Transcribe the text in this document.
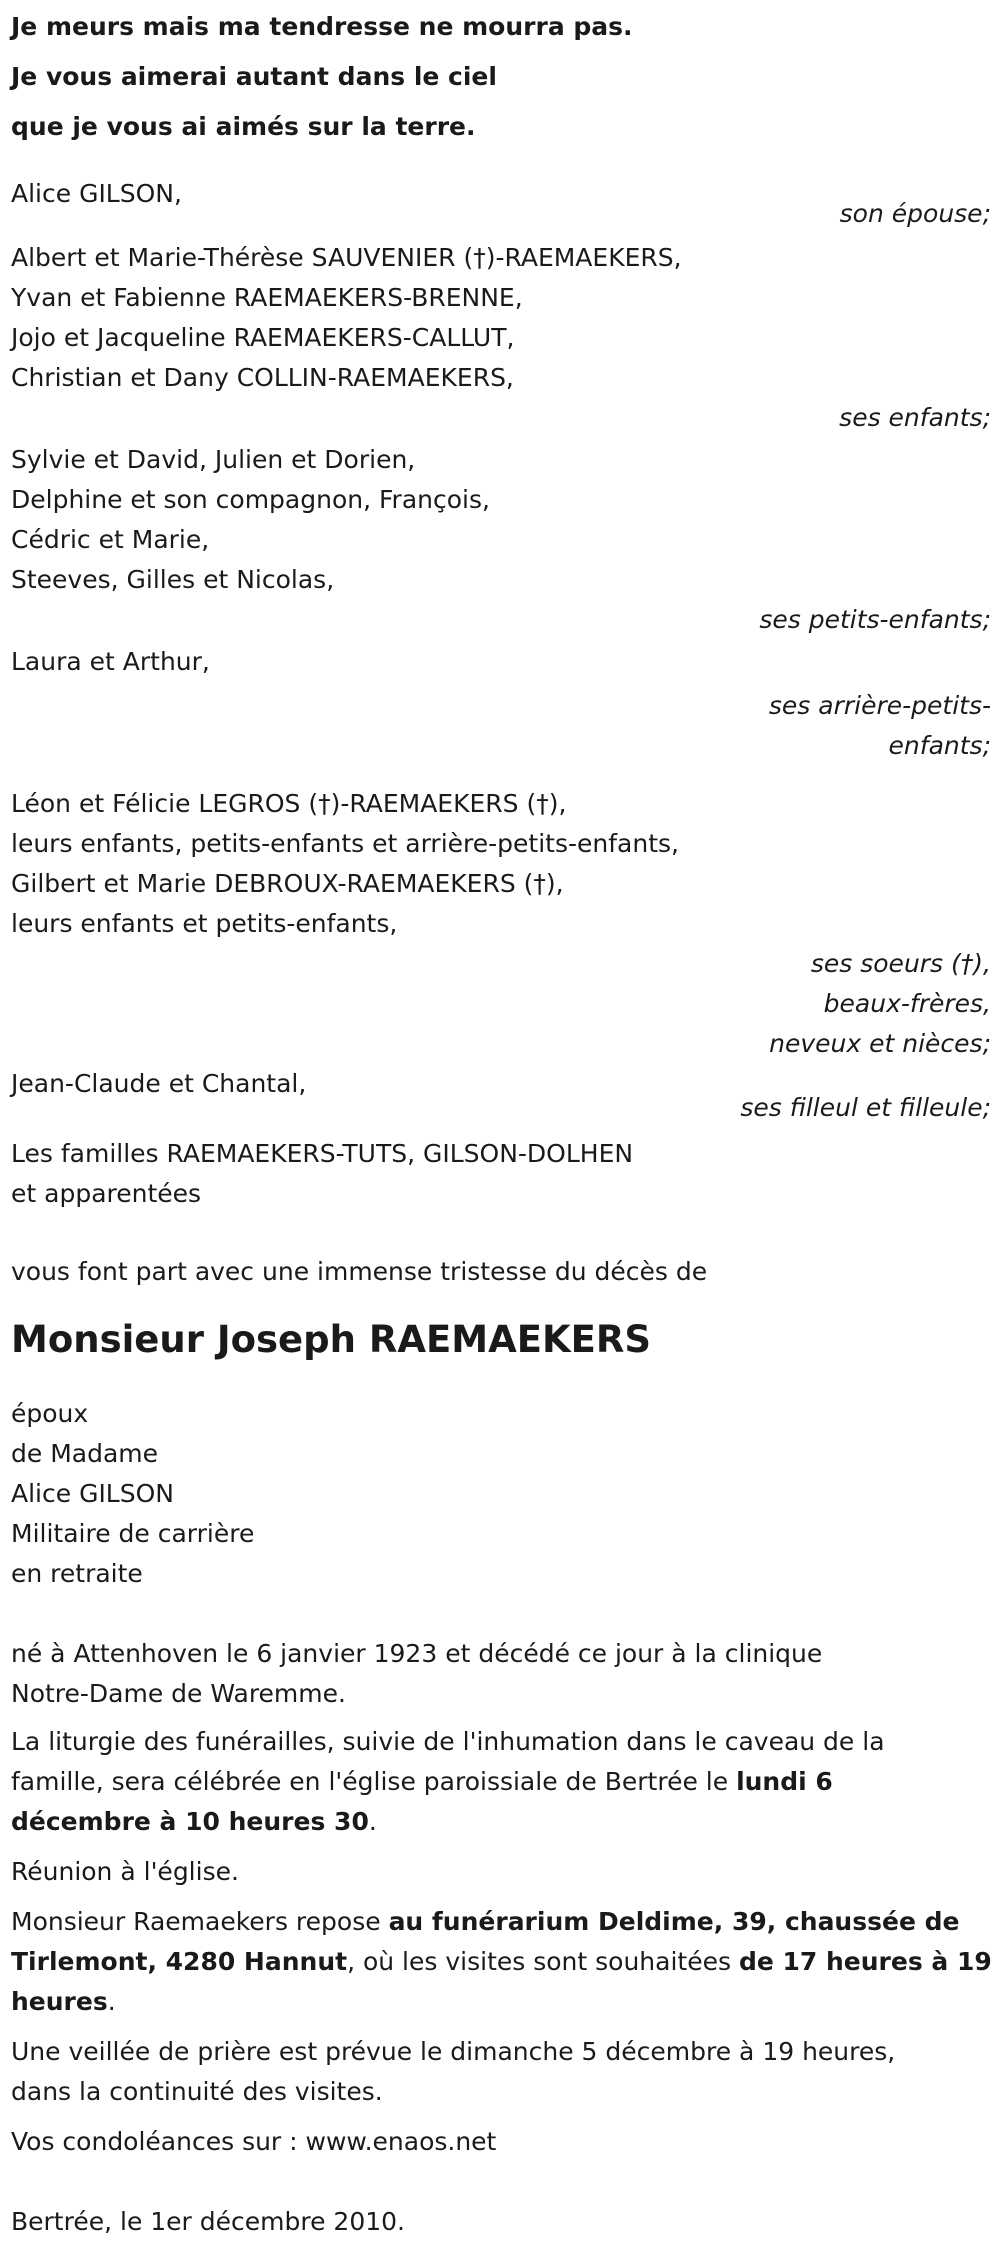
Je meurs mais ma tendresse ne mourra pas.
Je vous aimerai autant dans le ciel
que je vous ai aimés sur la terre.
Alice GILSON,
son épouse;
Albert et Marie-Thérèse SAUVENIER (†)-RAEMAEKERS,
Yvan et Fabienne RAEMAEKERS-BRENNE,
Jojo et Jacqueline RAEMAEKERS-CALLUT,
Christian et Dany COLLIN-RAEMAEKERS,
ses enfants;
Sylvie et David, Julien et Dorien,
Delphine et son compagnon, François,
Cédric et Marie,
Steeves, Gilles et Nicolas,
ses petits-enfants;
Laura et Arthur,
ses arrière-petits-
enfants;
Léon et Félicie LEGROS (†)-RAEMAEKERS (†),
leurs enfants, petits-enfants et arrière-petits-enfants,
Gilbert et Marie DEBROUX-RAEMAEKERS (†),
leurs enfants et petits-enfants,
ses soeurs (†),
beaux-frères,
neveux et nièces;
Jean-Claude et Chantal,
ses filleul et filleule;
Les familles RAEMAEKERS-TUTS, GILSON-DOLHEN
et apparentées
vous font part avec une immense tristesse du décès de
Monsieur Joseph RAEMAEKERS
époux
de Madame
Alice GILSON
Militaire de carrière
en retraite
né à Attenhoven le 6 janvier 1923 et décédé ce jour à la clinique
Notre-Dame de Waremme.
La liturgie des funérailles, suivie de l'inhumation dans le caveau de la
famille, sera célébrée en l'église paroissiale de Bertrée le lundi 6
décembre à 10 heures 30.
Réunion à l'église.
Monsieur Raemaekers repose au funérarium Deldime, 39, chaussée de
Tirlemont, 4280 Hannut, où les visites sont souhaitées de 17 heures à 19
heures.
Une veillée de prière est prévue le dimanche 5 décembre à 19 heures,
dans la continuité des visites.
Vos condoléances sur : www.enaos.net
Bertrée, le 1er décembre 2010.
